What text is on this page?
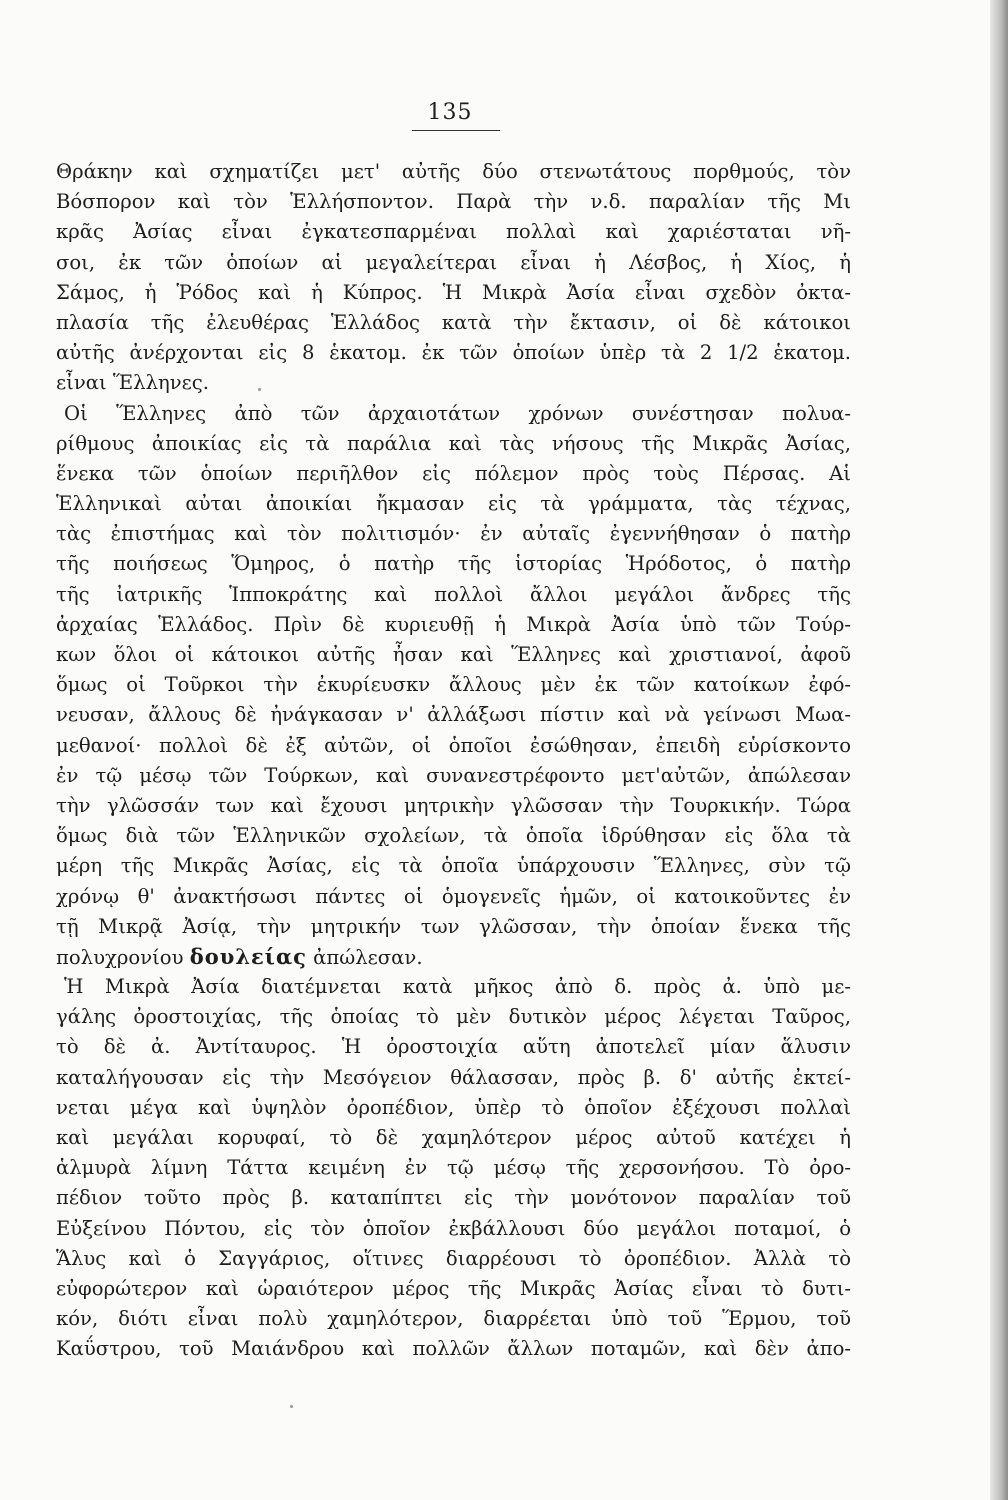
135
Θράκην καὶ σχηματίζει μετ' αὐτῆς δύο στενωτάτους πορθμούς, τὸν
Βόσπορον καὶ τὸν Ἑλλήσποντον. Παρὰ τὴν ν.δ. παραλίαν τῆς Μι
κρᾶς Ἀσίας εἶναι ἐγκατεσπαρμέναι πολλαὶ καὶ χαριέσταται νῆ-
σοι, ἐκ τῶν ὁποίων αἱ μεγαλείτεραι εἶναι ἡ Λέσβος, ἡ Χίος, ἡ
Σάμος, ἡ Ῥόδος καὶ ἡ Κύπρος. Ἡ Μικρὰ Ἀσία εἶναι σχεδὸν ὀκτα-
πλασία τῆς ἐλευθέρας Ἑλλάδος κατὰ τὴν ἔκτασιν, οἱ δὲ κάτοικοι
αὐτῆς ἀνέρχονται εἰς 8 ἑκατομ. ἐκ τῶν ὁποίων ὑπὲρ τὰ 2 1/2 ἑκατομ.
εἶναι Ἕλληνες.
Οἱ Ἕλληνες ἀπὸ τῶν ἀρχαιοτάτων χρόνων συνέστησαν πολυα-
ρίθμους ἀποικίας εἰς τὰ παράλια καὶ τὰς νήσους τῆς Μικρᾶς Ἀσίας,
ἕνεκα τῶν ὁποίων περιῆλθον εἰς πόλεμον πρὸς τοὺς Πέρσας. Αἱ
Ἑλληνικαὶ αὐται ἀποικίαι ἤκμασαν εἰς τὰ γράμματα, τὰς τέχνας,
τὰς ἐπιστήμας καὶ τὸν πολιτισμόν· ἐν αὐταῖς ἐγεννήθησαν ὁ πατὴρ
τῆς ποιήσεως Ὅμηρος, ὁ πατὴρ τῆς ἱστορίας Ἡρόδοτος, ὁ πατὴρ
τῆς ἰατρικῆς Ἱπποκράτης καὶ πολλοὶ ἄλλοι μεγάλοι ἄνδρες τῆς
ἀρχαίας Ἑλλάδος. Πρὶν δὲ κυριευθῇ ἡ Μικρὰ Ἀσία ὑπὸ τῶν Τούρ-
κων ὅλοι οἱ κάτοικοι αὐτῆς ἦσαν καὶ Ἕλληνες καὶ χριστιανοί, ἀφοῦ
ὅμως οἱ Τοῦρκοι τὴν ἐκυρίευσκν ἄλλους μὲν ἐκ τῶν κατοίκων ἐφό-
νευσαν, ἄλλους δὲ ἠνάγκασαν ν' ἀλλάξωσι πίστιν καὶ νὰ γείνωσι Μωα-
μεθανοί· πολλοὶ δὲ ἐξ αὐτῶν, οἱ ὁποῖοι ἐσώθησαν, ἐπειδὴ εὑρίσκοντο
ἐν τῷ μέσῳ τῶν Τούρκων, καὶ συνανεστρέφοντο μετ'αὐτῶν, ἀπώλεσαν
τὴν γλῶσσάν των καὶ ἔχουσι μητρικὴν γλῶσσαν τὴν Τουρκικήν. Τώρα
ὅμως διὰ τῶν Ἑλληνικῶν σχολείων, τὰ ὁποῖα ἱδρύθησαν εἰς ὅλα τὰ
μέρη τῆς Μικρᾶς Ἀσίας, εἰς τὰ ὁποῖα ὑπάρχουσιν Ἕλληνες, σὺν τῷ
χρόνῳ θ' ἀνακτήσωσι πάντες οἱ ὁμογενεῖς ἡμῶν, οἱ κατοικοῦντες ἐν
τῇ Μικρᾷ Ἀσίᾳ, τὴν μητρικήν των γλῶσσαν, τὴν ὁποίαν ἕνεκα τῆς
πολυχρονίου δουλείας ἀπώλεσαν.
Ἡ Μικρὰ Ἀσία διατέμνεται κατὰ μῆκος ἀπὸ δ. πρὸς ἀ. ὑπὸ με-
γάλης ὀροστοιχίας, τῆς ὁποίας τὸ μὲν δυτικὸν μέρος λέγεται Ταῦρος,
τὸ δὲ ἀ. Ἀντίταυρος. Ἡ ὀροστοιχία αὕτη ἀποτελεῖ μίαν ἅλυσιν
καταλήγουσαν εἰς τὴν Μεσόγειον θάλασσαν, πρὸς β. δ' αὐτῆς ἐκτεί-
νεται μέγα καὶ ὑψηλὸν ὀροπέδιον, ὑπὲρ τὸ ὁποῖον ἐξέχουσι πολλαὶ
καὶ μεγάλαι κορυφαί, τὸ δὲ χαμηλότερον μέρος αὐτοῦ κατέχει ἡ
ἁλμυρὰ λίμνη Τάττα κειμένη ἐν τῷ μέσῳ τῆς χερσονήσου. Τὸ ὀρο-
πέδιον τοῦτο πρὸς β. καταπίπτει εἰς τὴν μονότονον παραλίαν τοῦ
Εὐξείνου Πόντου, εἰς τὸν ὁποῖον ἐκβάλλουσι δύο μεγάλοι ποταμοί, ὁ
Ἅλυς καὶ ὁ Σαγγάριος, οἵτινες διαρρέουσι τὸ ὀροπέδιον. Ἀλλὰ τὸ
εὐφορώτερον καὶ ὡραιότερον μέρος τῆς Μικρᾶς Ἀσίας εἶναι τὸ δυτι-
κόν, διότι εἶναι πολὺ χαμηλότερον, διαρρέεται ὑπὸ τοῦ Ἕρμου, τοῦ
Καΰστρου, τοῦ Μαιάνδρου καὶ πολλῶν ἄλλων ποταμῶν, καὶ δὲν ἀπο-
